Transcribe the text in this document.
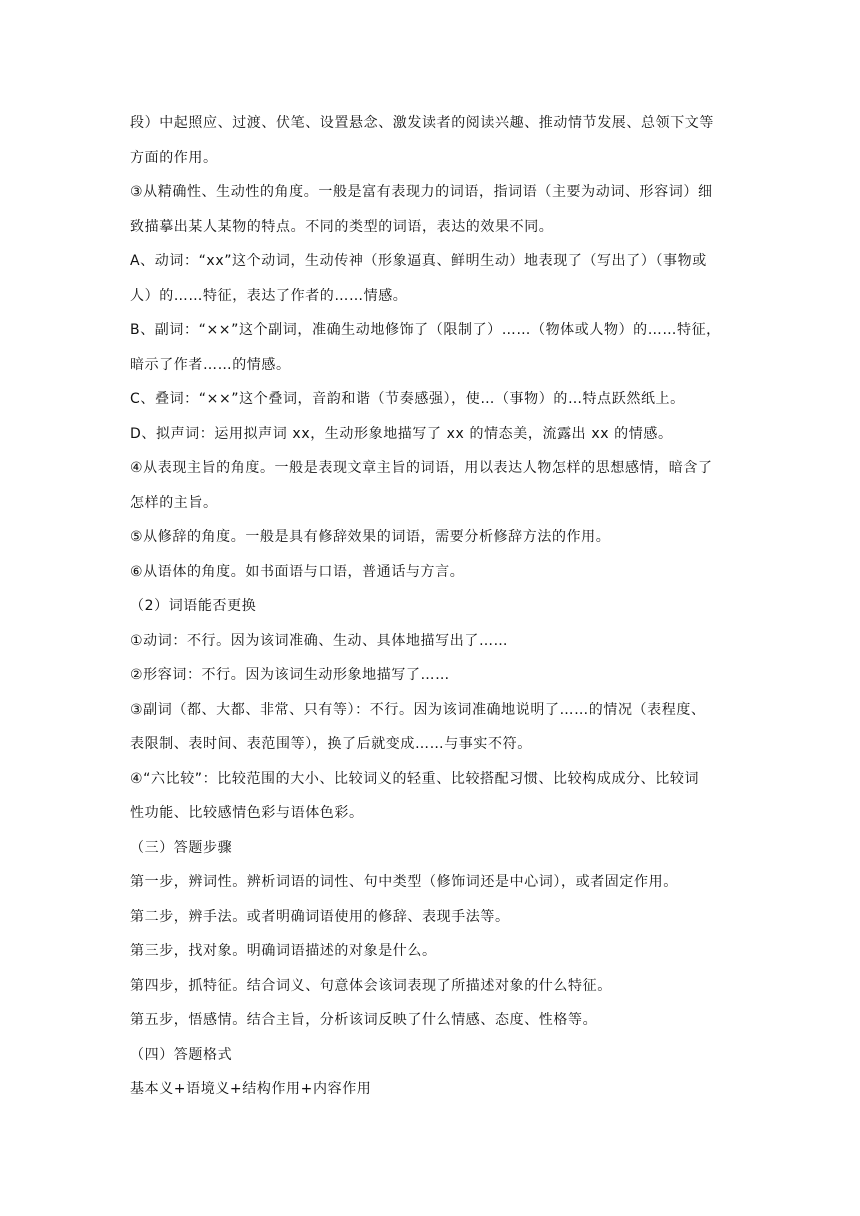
段）中起照应、过渡、伏笔、设置悬念、激发读者的阅读兴趣、推动情节发展、总领下文等
方面的作用。
③从精确性、生动性的角度。一般是富有表现力的词语，指词语（主要为动词、形容词）细
致描摹出某人某物的特点。不同的类型的词语，表达的效果不同。
A、动词：“xx”这个动词，生动传神（形象逼真、鲜明生动）地表现了（写出了）（事物或
人）的……特征，表达了作者的……情感。
B、副词：“××”这个副词，准确生动地修饰了（限制了）……（物体或人物）的……特征，
暗示了作者……的情感。
C、叠词：“××”这个叠词，音韵和谐（节奏感强），使…（事物）的…特点跃然纸上。
D、拟声词：运用拟声词 xx，生动形象地描写了 xx 的情态美，流露出 xx 的情感。
④从表现主旨的角度。一般是表现文章主旨的词语，用以表达人物怎样的思想感情，暗含了
怎样的主旨。
⑤从修辞的角度。一般是具有修辞效果的词语，需要分析修辞方法的作用。
⑥从语体的角度。如书面语与口语，普通话与方言。
（2）词语能否更换
①动词：不行。因为该词准确、生动、具体地描写出了……
②形容词：不行。因为该词生动形象地描写了……
③副词（都、大都、非常、只有等）：不行。因为该词准确地说明了……的情况（表程度、
表限制、表时间、表范围等），换了后就变成……与事实不符。
④“六比较”：比较范围的大小、比较词义的轻重、比较搭配习惯、比较构成成分、比较词
性功能、比较感情色彩与语体色彩。
（三）答题步骤
第一步，辨词性。辨析词语的词性、句中类型（修饰词还是中心词），或者固定作用。
第二步，辨手法。或者明确词语使用的修辞、表现手法等。
第三步，找对象。明确词语描述的对象是什么。
第四步，抓特征。结合词义、句意体会该词表现了所描述对象的什么特征。
第五步，悟感情。结合主旨，分析该词反映了什么情感、态度、性格等。
（四）答题格式
基本义+语境义+结构作用+内容作用
